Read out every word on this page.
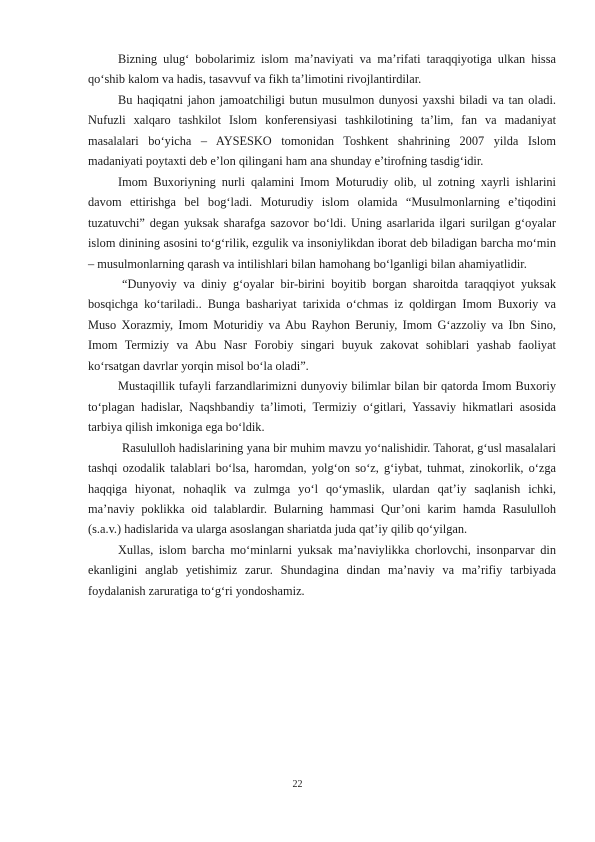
Bizning ulug‘ bobolarimiz islom ma’naviyati va ma’rifati taraqqiyotiga ulkan hissa qo‘shib kalom va hadis, tasavvuf va fikh ta’limotini rivojlantirdilar.

Bu haqiqatni jahon jamoatchiligi butun musulmon dunyosi yaxshi biladi va tan oladi. Nufuzli xalqaro tashkilot Islom konferensiyasi tashkilotining ta’lim, fan va madaniyat masalalari bo‘yicha – AYSESKO tomonidan Toshkent shahrining 2007 yilda Islom madaniyati poytaxti deb e’lon qilingani ham ana shunday e’tirofning tasdig‘idir.

Imom Buxoriyning nurli qalamini Imom Moturudiy olib, ul zotning xayrli ishlarini davom ettirishga bel bog‘ladi. Moturudiy islom olamida “Musulmonlarning e’tiqodini tuzatuvchi” degan yuksak sharafga sazovor bo‘ldi. Uning asarlarida ilgari surilgan g‘oyalar islom dinining asosini to‘g‘rilik, ezgulik va insoniylikdan iborat deb biladigan barcha mo‘min – musulmonlarning qarash va intilishlari bilan hamohang bo‘lganligi bilan ahamiyatlidir.

“Dunyoviy va diniy g‘oyalar bir-birini boyitib borgan sharoitda taraqqiyot yuksak bosqichga ko‘tariladi.. Bunga bashariyat tarixida o‘chmas iz qoldirgan Imom Buxoriy va Muso Xorazmiy, Imom Moturidiy va Abu Rayhon Beruniy, Imom G‘azzoliy va Ibn Sino, Imom Termiziy va Abu Nasr Forobiy singari buyuk zakovat sohiblari yashab faoliyat ko‘rsatgan davrlar yorqin misol bo‘la oladi”.

Mustaqillik tufayli farzandlarimizni dunyoviy bilimlar bilan bir qatorda Imom Buxoriy to‘plagan hadislar, Naqshbandiy ta’limoti, Termiziy o‘gitlari, Yassaviy hikmatlari asosida tarbiya qilish imkoniga ega bo‘ldik.

Rasululloh hadislarining yana bir muhim mavzu yo‘nalishidir. Tahorat, g‘usl masalalari tashqi ozodalik talablari bo‘lsa, haromdan, yolg‘on so‘z, g‘iybat, tuhmat, zinokorlik, o‘zga haqqiga hiyonat, nohaqlik va zulmga yo‘l qo‘ymaslik, ulardan qat’iy saqlanish ichki, ma’naviy poklikka oid talablardir. Bularning hammasi Qur’oni karim hamda Rasululloh (s.a.v.) hadislarida va ularga asoslangan shariatda juda qat’iy qilib qo‘yilgan.

Xullas, islom barcha mo‘minlarni yuksak ma’naviylikka chorlovchi, insonparvar din ekanligini anglab yetishimiz zarur. Shundagina dindan ma’naviy va ma’rifiy tarbiyada foydalanish zaruratiga to‘g‘ri yondoshamiz.

22
